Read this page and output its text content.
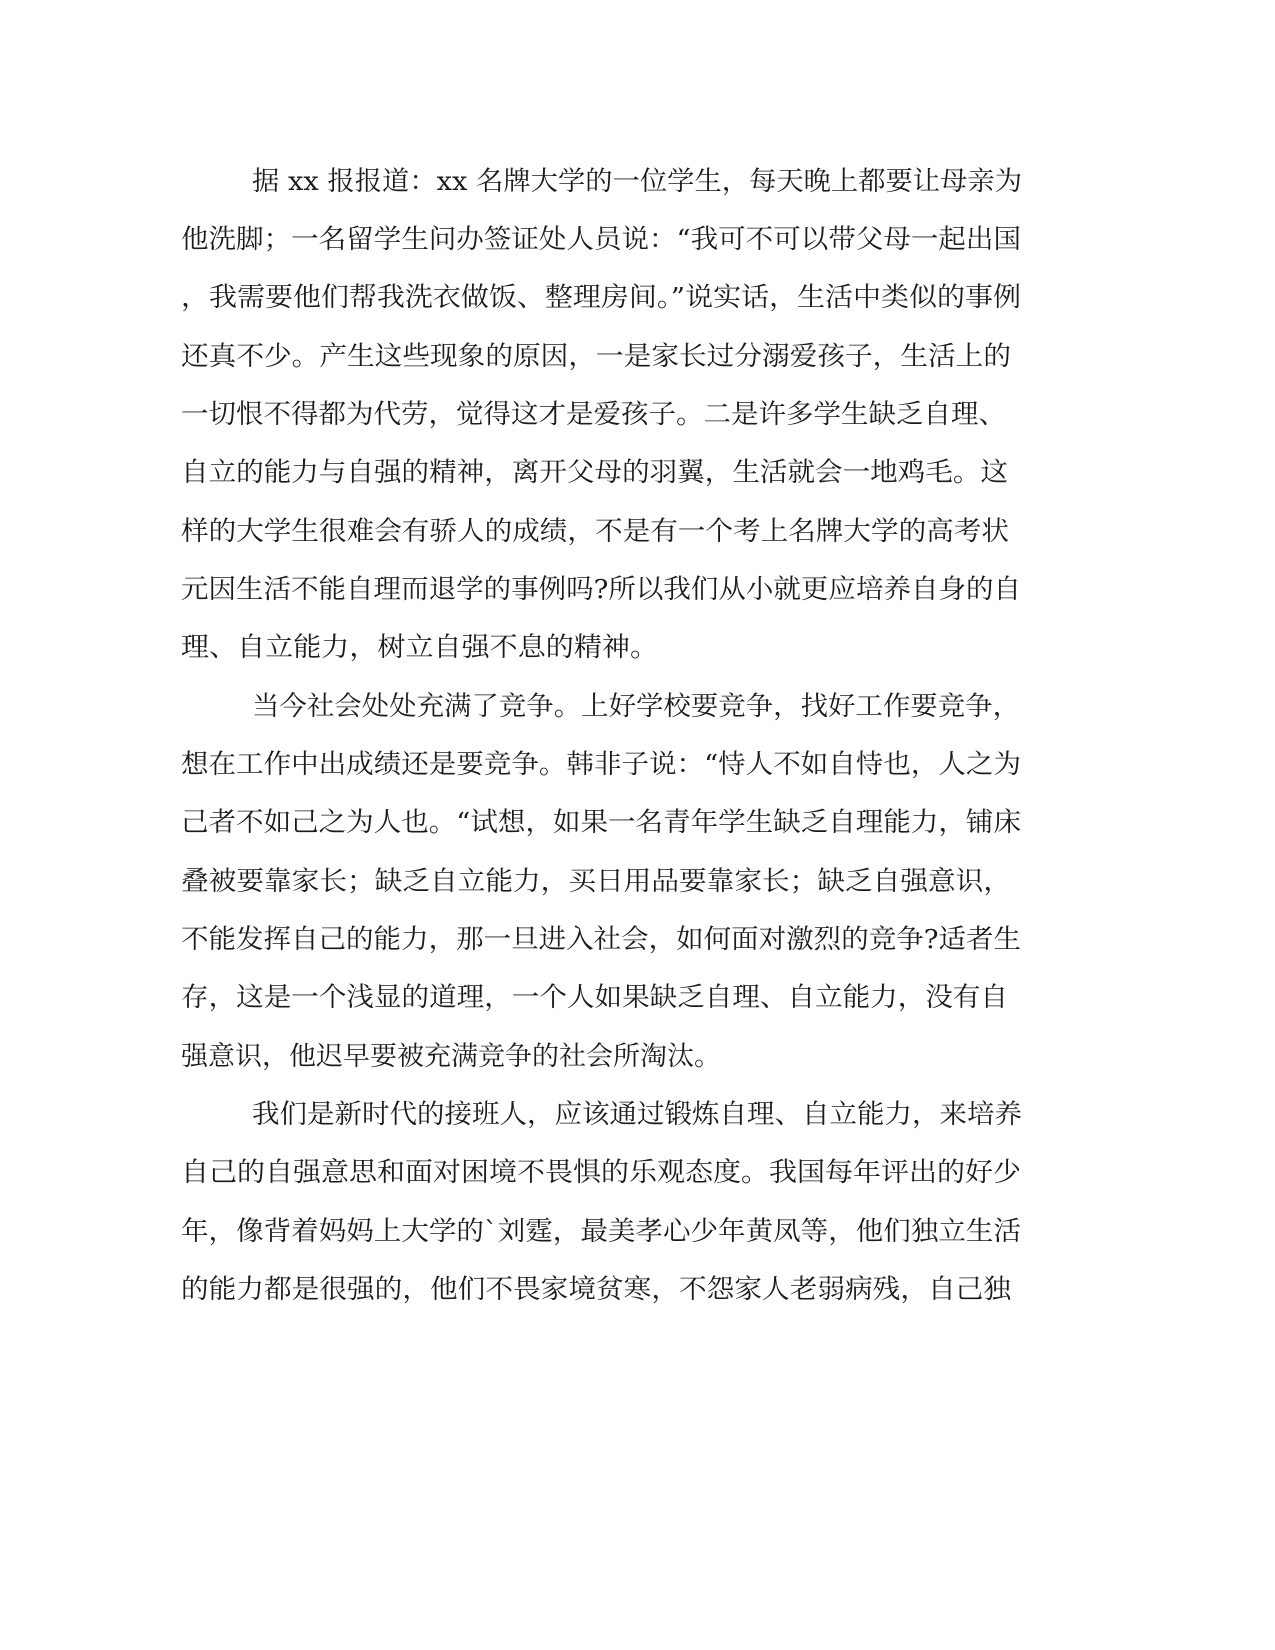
据 xx 报报道：xx 名牌大学的一位学生，每天晚上都要让母亲为
他洗脚；一名留学生问办签证处人员说：“我可不可以带父母一起出国
，我需要他们帮我洗衣做饭、整理房间。”说实话，生活中类似的事例
还真不少。产生这些现象的原因，一是家长过分溺爱孩子，生活上的
一切恨不得都为代劳，觉得这才是爱孩子。二是许多学生缺乏自理、
自立的能力与自强的精神，离开父母的羽翼，生活就会一地鸡毛。这
样的大学生很难会有骄人的成绩，不是有一个考上名牌大学的高考状
元因生活不能自理而退学的事例吗?所以我们从小就更应培养自身的自
理、自立能力，树立自强不息的精神。
当今社会处处充满了竞争。上好学校要竞争，找好工作要竞争，
想在工作中出成绩还是要竞争。韩非子说：“恃人不如自恃也，人之为
己者不如己之为人也。“试想，如果一名青年学生缺乏自理能力，铺床
叠被要靠家长；缺乏自立能力，买日用品要靠家长；缺乏自强意识，
不能发挥自己的能力，那一旦进入社会，如何面对激烈的竞争?适者生
存，这是一个浅显的道理，一个人如果缺乏自理、自立能力，没有自
强意识，他迟早要被充满竞争的社会所淘汰。
我们是新时代的接班人，应该通过锻炼自理、自立能力，来培养
自己的自强意思和面对困境不畏惧的乐观态度。我国每年评出的好少
年，像背着妈妈上大学的`刘霆，最美孝心少年黄凤等，他们独立生活
的能力都是很强的，他们不畏家境贫寒，不怨家人老弱病残，自己独
